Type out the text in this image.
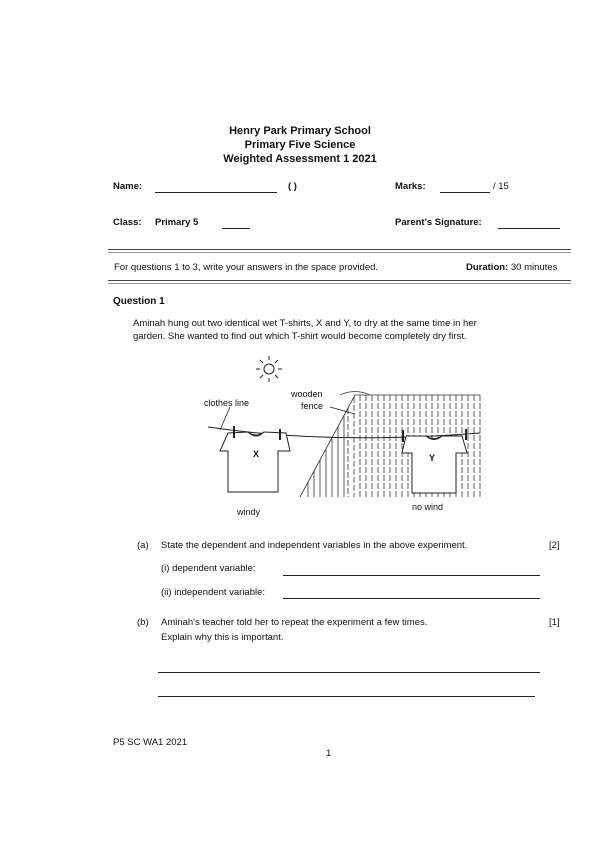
Henry Park Primary School
Primary Five Science
Weighted Assessment 1 2021
Name:	( )	Marks:	/ 15
Class: Primary 5	Parent's Signature:
For questions 1 to 3, write your answers in the space provided.	Duration: 30 minutes
Question 1
Aminah hung out two identical wet T-shirts, X and Y, to dry at the same time in her
garden. She wanted to find out which T-shirt would become completely dry first.
clothes line
wooden
fence
X	Y
windy	no wind
(a) State the dependent and independent variables in the above experiment.	[2]
(i) dependent variable:
(ii) independent variable:
(b) Aminah's teacher told her to repeat the experiment a few times.	[1]
Explain why this is important.
P5 SC WA1 2021
1
